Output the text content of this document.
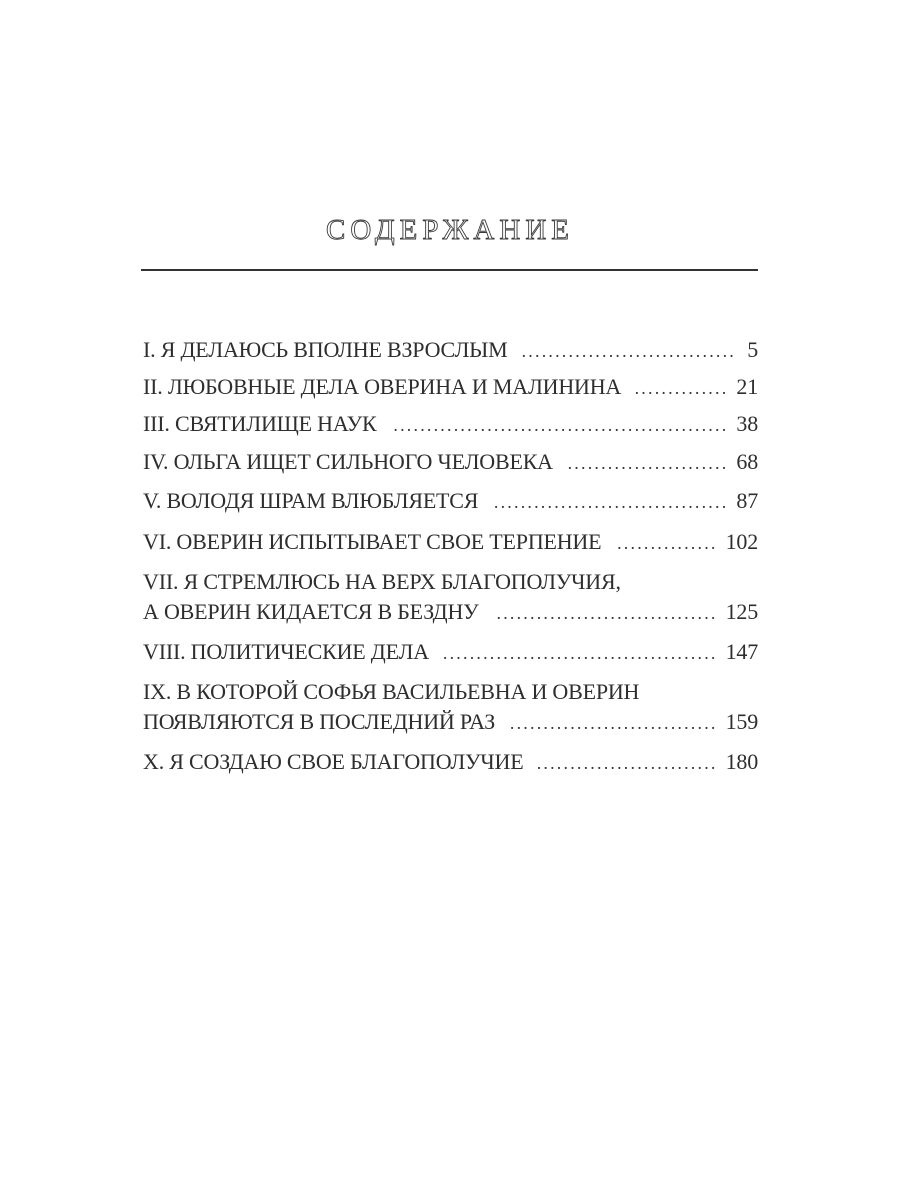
СОДЕРЖАНИЕ
I. Я ДЕЛАЮСЬ ВПОЛНЕ ВЗРОСЛЫМ .....	5
II. ЛЮБОВНЫЕ ДЕЛА ОВЕРИНА И МАЛИНИНА .....	21
III. СВЯТИЛИЩЕ НАУК .....	38
IV. ОЛЬГА ИЩЕТ СИЛЬНОГО ЧЕЛОВЕКА .....	68
V. ВОЛОДЯ ШРАМ ВЛЮБЛЯЕТСЯ .....	87
VI. ОВЕРИН ИСПЫТЫВАЕТ СВОЕ ТЕРПЕНИЕ .....	102
VII. Я СТРЕМЛЮСЬ НА ВЕРХ БЛАГОПОЛУЧИЯ,
А ОВЕРИН КИДАЕТСЯ В БЕЗДНУ .....	125
VIII. ПОЛИТИЧЕСКИЕ ДЕЛА .....	147
IX. В КОТОРОЙ СОФЬЯ ВАСИЛЬЕВНА И ОВЕРИН
ПОЯВЛЯЮТСЯ В ПОСЛЕДНИЙ РАЗ .....	159
X. Я СОЗДАЮ СВОЕ БЛАГОПОЛУЧИЕ .....	180
